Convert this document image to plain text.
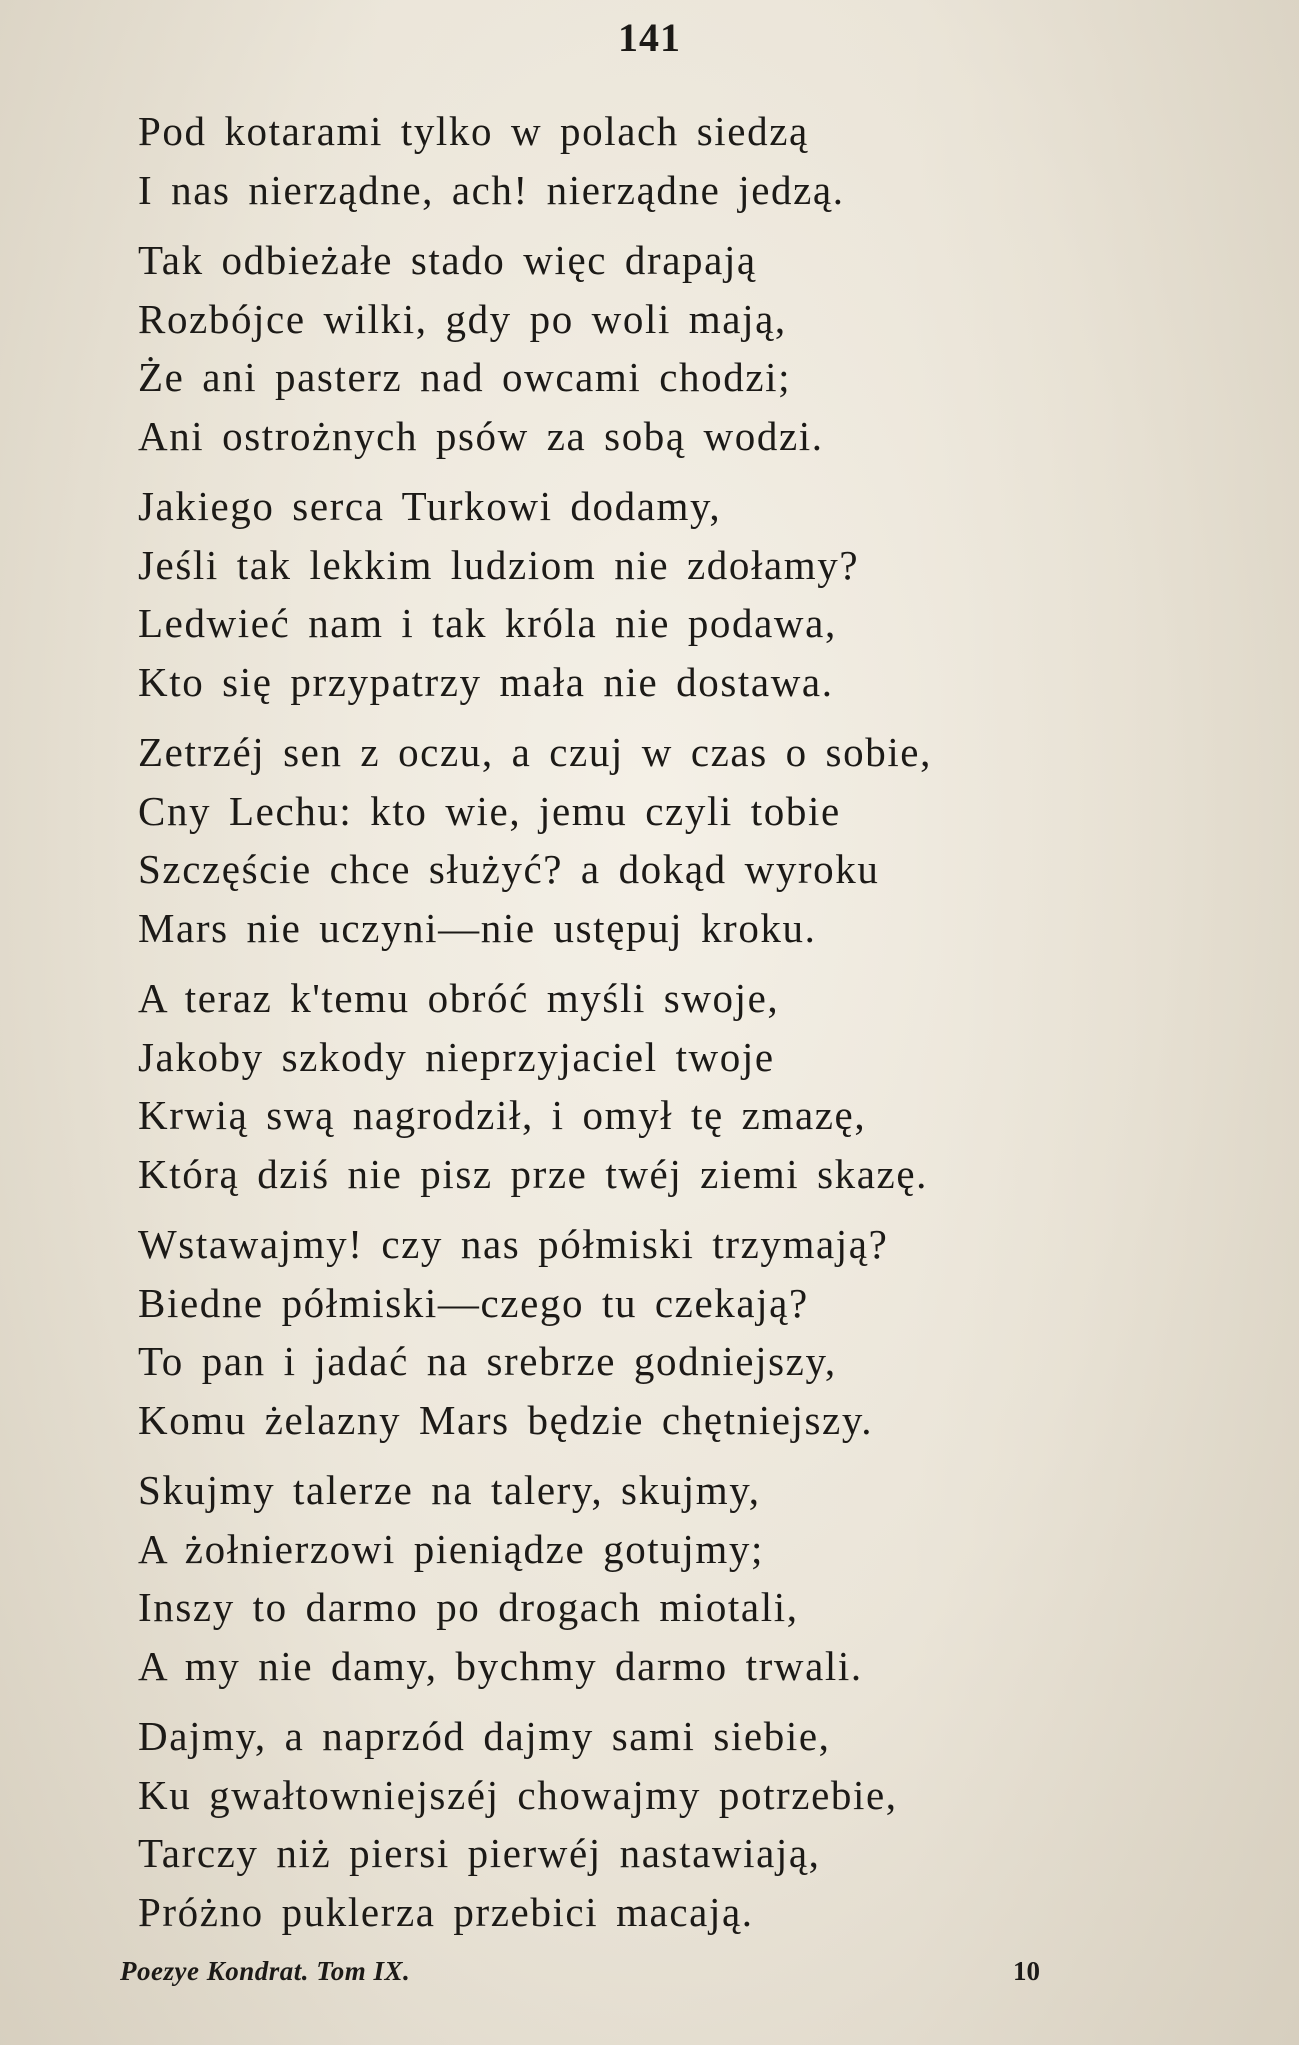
141
Pod kotarami tylko w polach siedzą
I nas nierządne, ach! nierządne jedzą.
Tak odbieżałe stado więc drapają
Rozbójce wilki, gdy po woli mają,
Że ani pasterz nad owcami chodzi;
Ani ostrożnych psów za sobą wodzi.
Jakiego serca Turkowi dodamy,
Jeśli tak lekkim ludziom nie zdołamy?
Ledwieć nam i tak króla nie podawa,
Kto się przypatrzy mała nie dostawa.
Zetrzéj sen z oczu, a czuj w czas o sobie,
Cny Lechu: kto wie, jemu czyli tobie
Szczęście chce służyć? a dokąd wyroku
Mars nie uczyni—nie ustępuj kroku.
A teraz k'temu obróć myśli swoje,
Jakoby szkody nieprzyjaciel twoje
Krwią swą nagrodził, i omył tę zmazę,
Którą dziś nie pisz prze twéj ziemi skazę.
Wstawajmy! czy nas półmiski trzymają?
Biedne półmiski—czego tu czekają?
To pan i jadać na srebrze godniejszy,
Komu żelazny Mars będzie chętniejszy.
Skujmy talerze na talery, skujmy,
A żołnierzowi pieniądze gotujmy;
Inszy to darmo po drogach miotali,
A my nie damy, bychmy darmo trwali.
Dajmy, a naprzód dajmy sami siebie,
Ku gwałtowniejszéj chowajmy potrzebie,
Tarczy niż piersi pierwéj nastawiają,
Próżno puklerza przebici macają.
Poezye Kondrat. Tom IX.	10
